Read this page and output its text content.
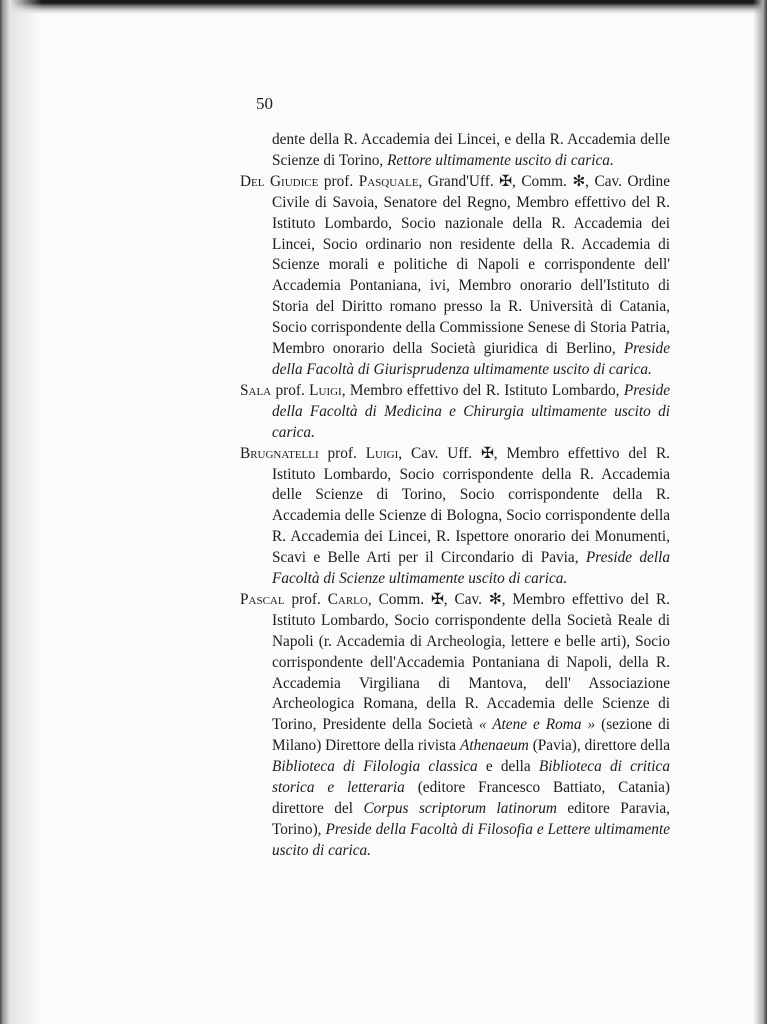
50

dente della R. Accademia dei Lincei, e della R. Accademia delle Scienze di Torino, Rettore ultimamente uscito di carica.

Del Giudice prof. Pasquale, Grand'Uff. ✠, Comm. ✻, Cav. Ordine Civile di Savoia, Senatore del Regno, Membro effettivo del R. Istituto Lombardo, Socio nazionale della R. Accademia dei Lincei, Socio ordinario non residente della R. Accademia di Scienze morali e politiche di Napoli e corrispondente dell' Accademia Pontaniana, ivi, Membro onorario dell'Istituto di Storia del Diritto romano presso la R. Università di Catania, Socio corrispondente della Commissione Senese di Storia Patria, Membro onorario della Società giuridica di Berlino, Preside della Facoltà di Giurisprudenza ultimamente uscito di carica.

Sala prof. Luigi, Membro effettivo del R. Istituto Lombardo, Preside della Facoltà di Medicina e Chirurgia ultimamente uscito di carica.

Brugnatelli prof. Luigi, Cav. Uff. ✠, Membro effettivo del R. Istituto Lombardo, Socio corrispondente della R. Accademia delle Scienze di Torino, Socio corrispondente della R. Accademia delle Scienze di Bologna, Socio corrispondente della R. Accademia dei Lincei, R. Ispettore onorario dei Monumenti, Scavi e Belle Arti per il Circondario di Pavia, Preside della Facoltà di Scienze ultimamente uscito di carica.

Pascal prof. Carlo, Comm. ✠, Cav. ✻, Membro effettivo del R. Istituto Lombardo, Socio corrispondente della Società Reale di Napoli (r. Accademia di Archeologia, lettere e belle arti), Socio corrispondente dell'Accademia Pontaniana di Napoli, della R. Accademia Virgiliana di Mantova, dell' Associazione Archeologica Romana, della R. Accademia delle Scienze di Torino, Presidente della Società « Atene e Roma » (sezione di Milano) Direttore della rivista Athenaeum (Pavia), direttore della Biblioteca di Filologia classica e della Biblioteca di critica storica e letteraria (editore Francesco Battiato, Catania) direttore del Corpus scriptorum latinorum editore Paravia, Torino), Preside della Facoltà di Filosofia e Lettere ultimamente uscito di carica.
